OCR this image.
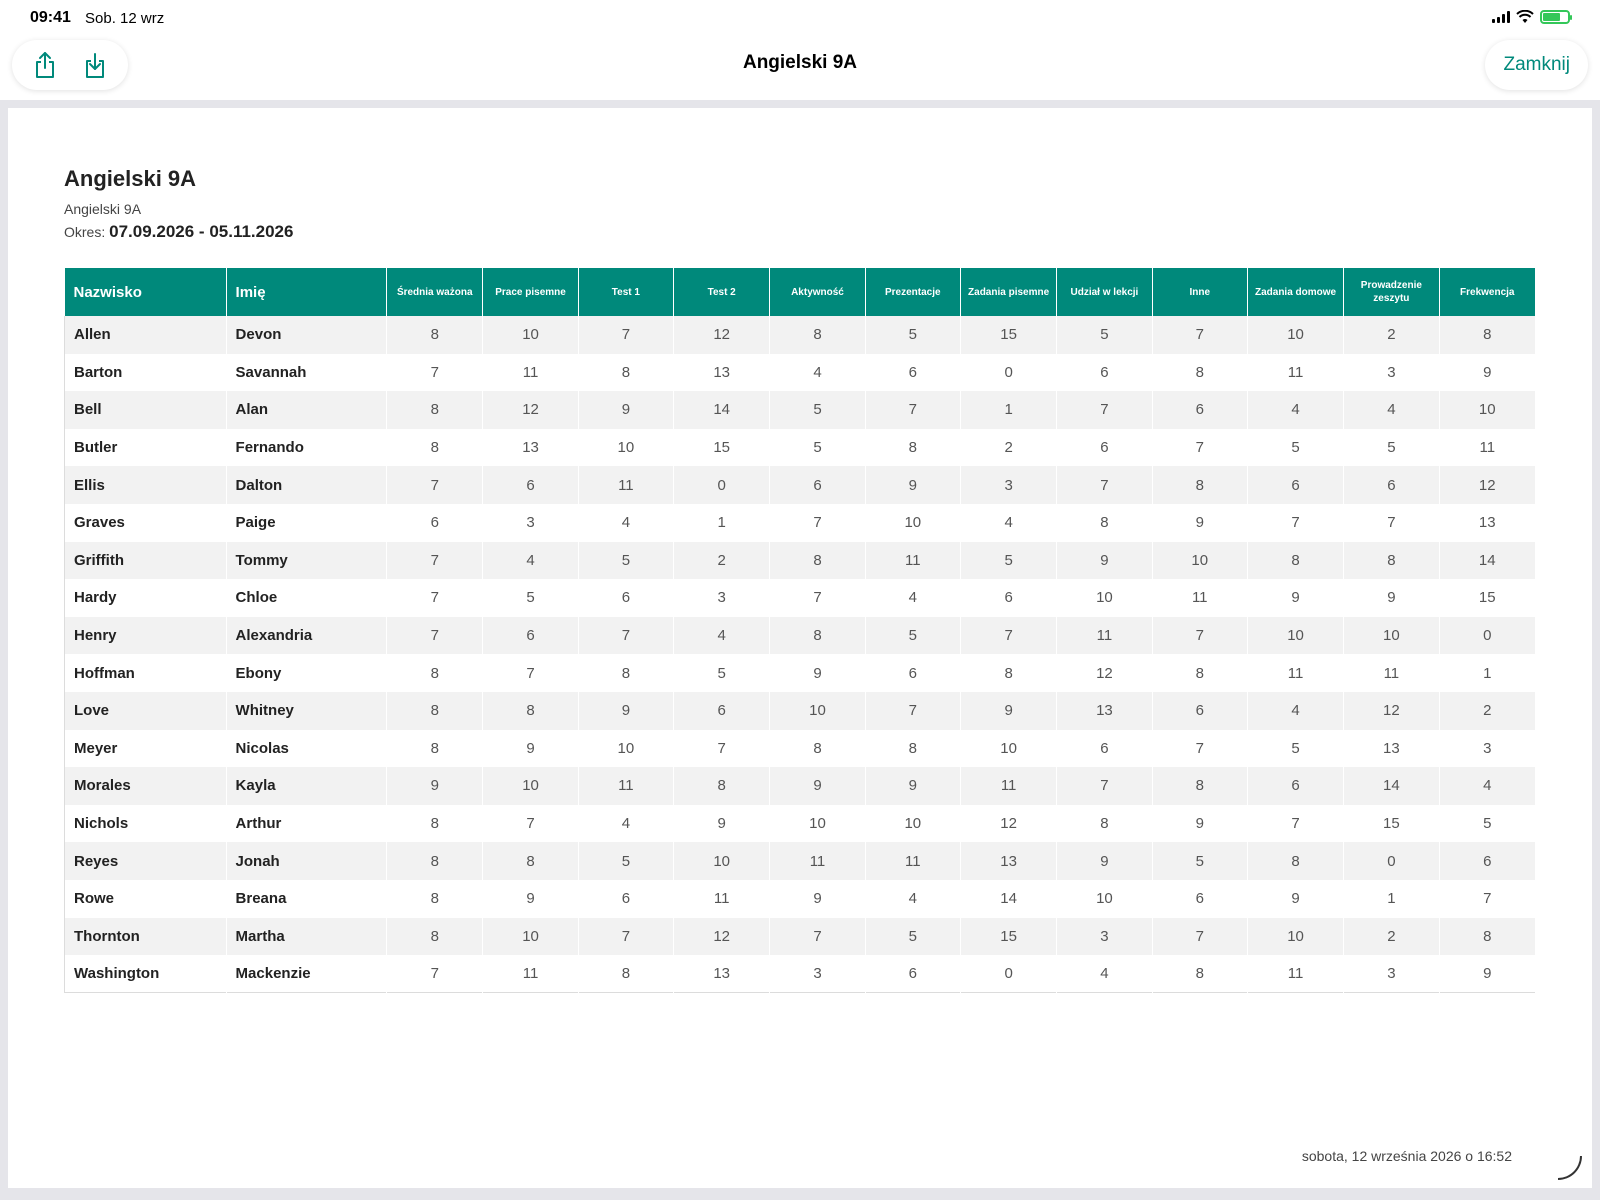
09:41 Sob. 12 wrz
Angielski 9A	Zamknij
Angielski 9A
Angielski 9A
Okres: 07.09.2026 - 05.11.2026
Nazwisko	Imię	Średnia ważona	Prace pisemne	Test 1	Test 2	Aktywność	Prezentacje	Zadania pisemne	Udział w lekcji	Inne	Zadania domowe	Prowadzenie zeszytu	Frekwencja
Allen	Devon	8	10	7	12	8	5	15	5	7	10	2	8
Barton	Savannah	7	11	8	13	4	6	0	6	8	11	3	9
Bell	Alan	8	12	9	14	5	7	1	7	6	4	4	10
Butler	Fernando	8	13	10	15	5	8	2	6	7	5	5	11
Ellis	Dalton	7	6	11	0	6	9	3	7	8	6	6	12
Graves	Paige	6	3	4	1	7	10	4	8	9	7	7	13
Griffith	Tommy	7	4	5	2	8	11	5	9	10	8	8	14
Hardy	Chloe	7	5	6	3	7	4	6	10	11	9	9	15
Henry	Alexandria	7	6	7	4	8	5	7	11	7	10	10	0
Hoffman	Ebony	8	7	8	5	9	6	8	12	8	11	11	1
Love	Whitney	8	8	9	6	10	7	9	13	6	4	12	2
Meyer	Nicolas	8	9	10	7	8	8	10	6	7	5	13	3
Morales	Kayla	9	10	11	8	9	9	11	7	8	6	14	4
Nichols	Arthur	8	7	4	9	10	10	12	8	9	7	15	5
Reyes	Jonah	8	8	5	10	11	11	13	9	5	8	0	6
Rowe	Breana	8	9	6	11	9	4	14	10	6	9	1	7
Thornton	Martha	8	10	7	12	7	5	15	3	7	10	2	8
Washington	Mackenzie	7	11	8	13	3	6	0	4	8	11	3	9
sobota, 12 września 2026 o 16:52
